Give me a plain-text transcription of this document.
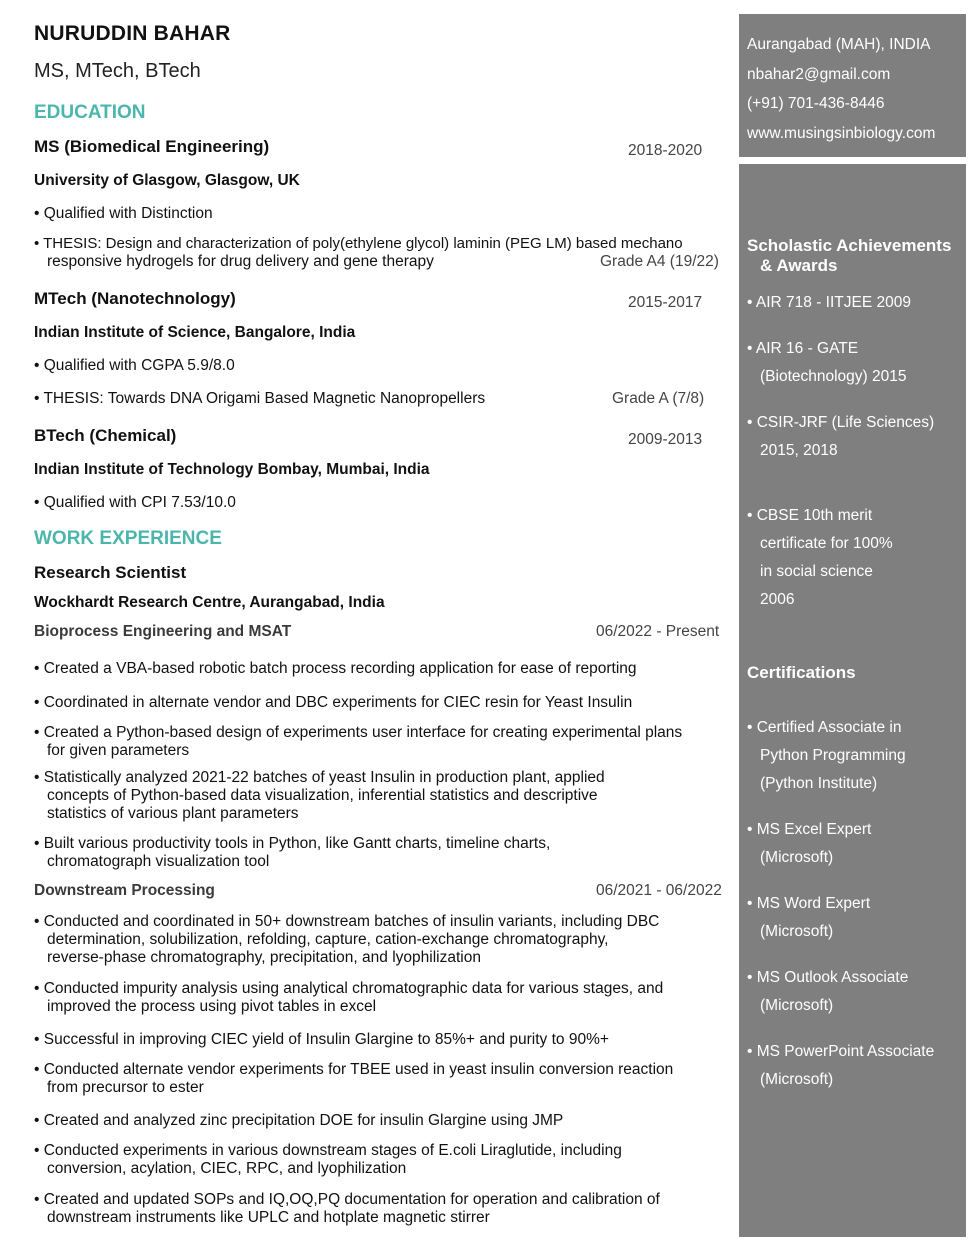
NURUDDIN BAHAR
MS, MTech, BTech
EDUCATION
MS (Biomedical Engineering)	2018-2020
University of Glasgow, Glasgow, UK
• Qualified with Distinction
• THESIS: Design and characterization of poly(ethylene glycol) laminin (PEG LM) based mechano
responsive hydrogels for drug delivery and gene therapy	Grade A4 (19/22)
MTech (Nanotechnology)	2015-2017
Indian Institute of Science, Bangalore, India
• Qualified with CGPA 5.9/8.0
• THESIS: Towards DNA Origami Based Magnetic Nanopropellers	Grade A (7/8)
BTech (Chemical)	2009-2013
Indian Institute of Technology Bombay, Mumbai, India
• Qualified with CPI 7.53/10.0
WORK EXPERIENCE
Research Scientist
Wockhardt Research Centre, Aurangabad, India
Bioprocess Engineering and MSAT	06/2022 - Present
• Created a VBA-based robotic batch process recording application for ease of reporting
• Coordinated in alternate vendor and DBC experiments for CIEC resin for Yeast Insulin
• Created a Python-based design of experiments user interface for creating experimental plans
for given parameters
• Statistically analyzed 2021-22 batches of yeast Insulin in production plant, applied
concepts of Python-based data visualization, inferential statistics and descriptive
statistics of various plant parameters
• Built various productivity tools in Python, like Gantt charts, timeline charts,
chromatograph visualization tool
Downstream Processing	06/2021 - 06/2022
• Conducted and coordinated in 50+ downstream batches of insulin variants, including DBC
determination, solubilization, refolding, capture, cation-exchange chromatography,
reverse-phase chromatography, precipitation, and lyophilization
• Conducted impurity analysis using analytical chromatographic data for various stages, and
improved the process using pivot tables in excel
• Successful in improving CIEC yield of Insulin Glargine to 85%+ and purity to 90%+
• Conducted alternate vendor experiments for TBEE used in yeast insulin conversion reaction
from precursor to ester
• Created and analyzed zinc precipitation DOE for insulin Glargine using JMP
• Conducted experiments in various downstream stages of E.coli Liraglutide, including
conversion, acylation, CIEC, RPC, and lyophilization
• Created and updated SOPs and IQ,OQ,PQ documentation for operation and calibration of
downstream instruments like UPLC and hotplate magnetic stirrer
Aurangabad (MAH), INDIA
nbahar2@gmail.com
(+91) 701-436-8446
www.musingsinbiology.com
Scholastic Achievements
& Awards
• AIR 718 - IITJEE 2009
• AIR 16 - GATE
(Biotechnology) 2015
• CSIR-JRF (Life Sciences)
2015, 2018
• CBSE 10th merit
certificate for 100%
in social science
2006
Certifications
• Certified Associate in
Python Programming
(Python Institute)
• MS Excel Expert
(Microsoft)
• MS Word Expert
(Microsoft)
• MS Outlook Associate
(Microsoft)
• MS PowerPoint Associate
(Microsoft)
